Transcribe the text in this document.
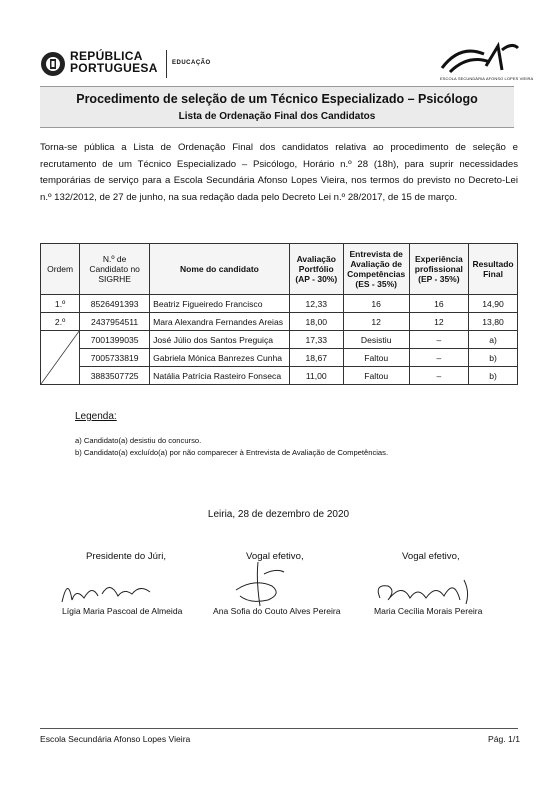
REPÚBLICA
PORTUGUESA EDUCAÇÃO
ESCOLA SECUNDÁRIA AFONSO LOPES VIEIRA
Procedimento de seleção de um Técnico Especializado – Psicólogo
Lista de Ordenação Final dos Candidatos
Torna-se pública a Lista de Ordenação Final dos candidatos relativa ao procedimento de seleção e recrutamento de um Técnico Especializado – Psicólogo, Horário n.º 28 (18h), para suprir necessidades temporárias de serviço para a Escola Secundária Afonso Lopes Vieira, nos termos do previsto no Decreto-Lei n.º 132/2012, de 27 de junho, na sua redação dada pelo Decreto Lei n.º 28/2017, de 15 de março.
Ordem	N.º de Candidato no SIGRHE	Nome do candidato	Avaliação Portfólio (AP - 30%)	Entrevista de Avaliação de Competências (ES - 35%)	Experiência profissional (EP - 35%)	Resultado Final
1.º	8526491393	Beatriz Figueiredo Francisco	12,33	16	16	14,90
2.º	2437954511	Mara Alexandra Fernandes Areias	18,00	12	12	13,80

	7001399035	José Júlio dos Santos Preguiça	17,33	Desistiu	–	a)
	7005733819	Gabriela Mónica Banrezes Cunha	18,67	Faltou	–	b)
	3883507725	Natália Patrícia Rasteiro Fonseca	11,00	Faltou	–	b)
Legenda:
a) Candidato(a) desistiu do concurso.
b) Candidato(a) excluído(a) por não comparecer à Entrevista de Avaliação de Competências.
Leiria, 28 de dezembro de 2020
Presidente do Júri,	Vogal efetivo,	Vogal efetivo,
Lígia Maria Pascoal de Almeida	Ana Sofia do Couto Alves Pereira	Maria Cecília Morais Pereira
Escola Secundária Afonso Lopes Vieira	Pág. 1/1
